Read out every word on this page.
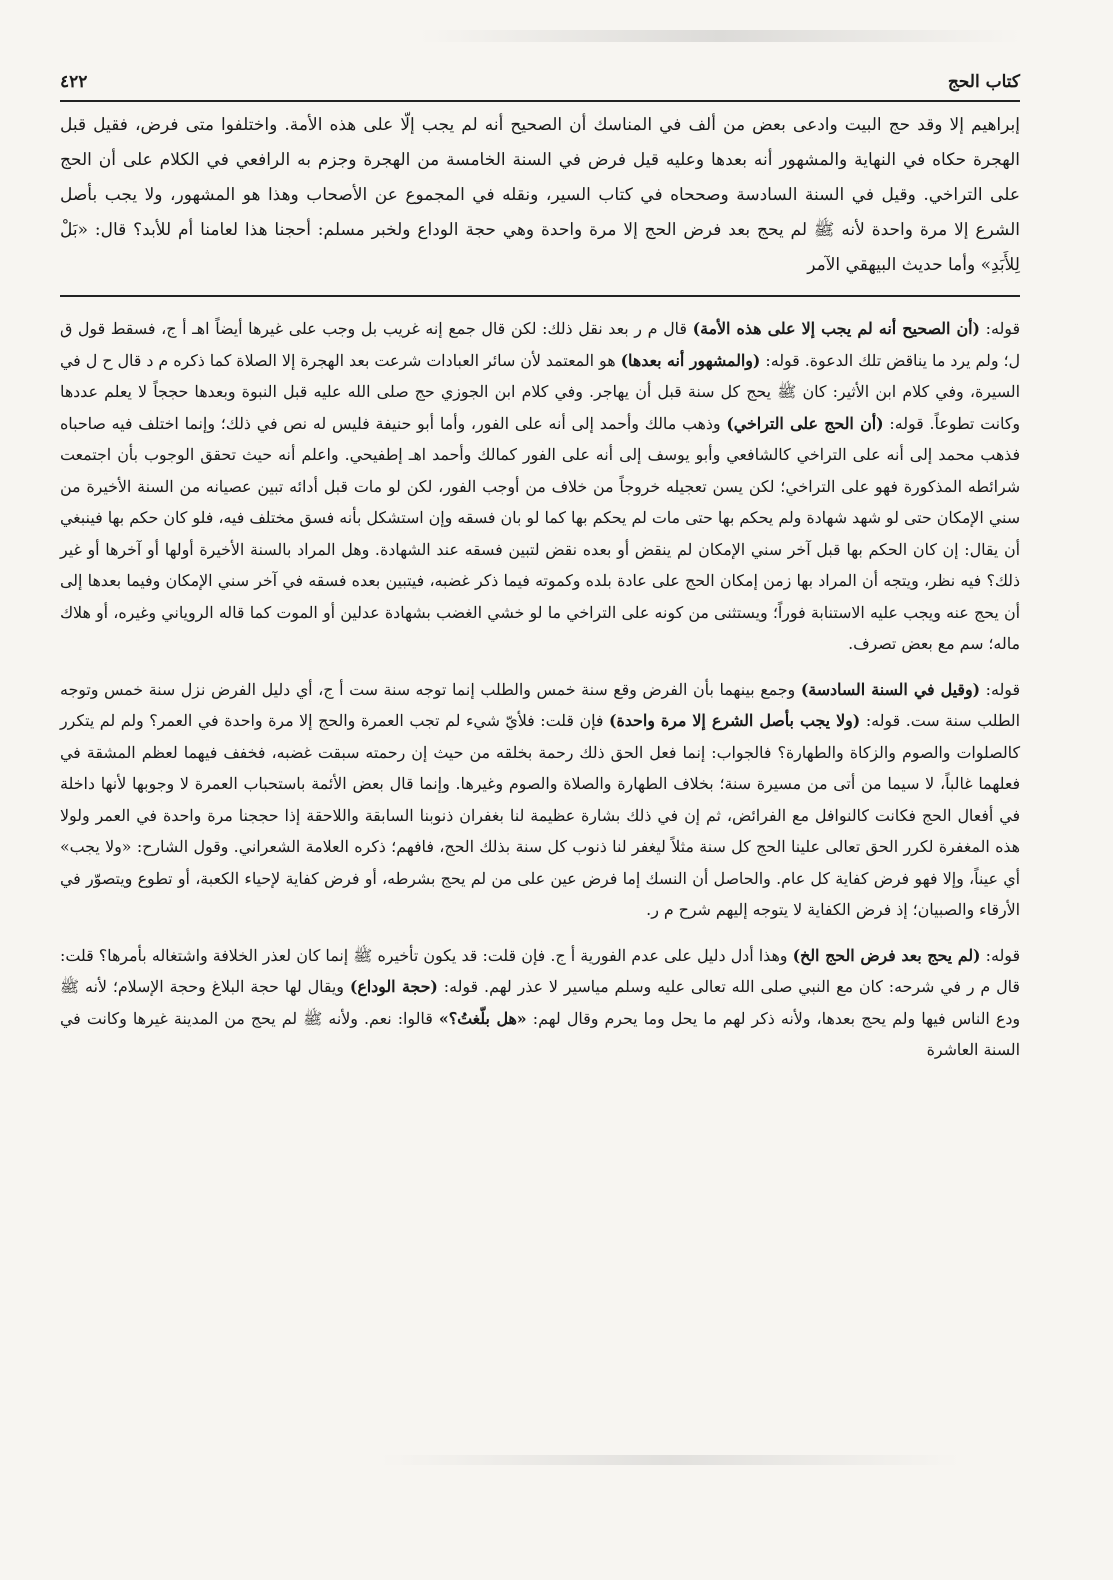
٤٢٢	كتاب الحج
إبراهيم إلا وقد حج البيت وادعى بعض من ألف في المناسك أن الصحيح أنه لم يجب إلّا على هذه الأمة. واختلفوا متى فرض، فقيل قبل الهجرة حكاه في النهاية والمشهور أنه بعدها وعليه قيل فرض في السنة الخامسة من الهجرة وجزم به الرافعي في الكلام على أن الحج على التراخي. وقيل في السنة السادسة وصححاه في كتاب السير، ونقله في المجموع عن الأصحاب وهذا هو المشهور، ولا يجب بأصل الشرع إلا مرة واحدة لأنه ﷺ لم يحج بعد فرض الحج إلا مرة واحدة وهي حجة الوداع ولخبر مسلم: أحجنا هذا لعامنا أم للأبد؟ قال: «بَلْ لِلأَبَدِ» وأما حديث البيهقي الآمر

قوله: (أن الصحيح أنه لم يجب إلا على هذه الأمة) قال م ر بعد نقل ذلك: لكن قال جمع إنه غريب بل وجب على غيرها أيضاً اهـ أ ج، فسقط قول ق ل؛ ولم يرد ما يناقض تلك الدعوة. قوله: (والمشهور أنه بعدها) هو المعتمد لأن سائر العبادات شرعت بعد الهجرة إلا الصلاة كما ذكره م د قال ح ل في السيرة، وفي كلام ابن الأثير: كان ﷺ يحج كل سنة قبل أن يهاجر. وفي كلام ابن الجوزي حج صلى الله عليه قبل النبوة وبعدها حججاً لا يعلم عددها وكانت تطوعاً. قوله: (أن الحج على التراخي) وذهب مالك وأحمد إلى أنه على الفور، وأما أبو حنيفة فليس له نص في ذلك؛ وإنما اختلف فيه صاحباه فذهب محمد إلى أنه على التراخي كالشافعي وأبو يوسف إلى أنه على الفور كمالك وأحمد اهـ إطفيحي. واعلم أنه حيث تحقق الوجوب بأن اجتمعت شرائطه المذكورة فهو على التراخي؛ لكن يسن تعجيله خروجاً من خلاف من أوجب الفور، لكن لو مات قبل أدائه تبين عصيانه من السنة الأخيرة من سني الإمكان حتى لو شهد شهادة ولم يحكم بها حتى مات لم يحكم بها كما لو بان فسقه وإن استشكل بأنه فسق مختلف فيه، فلو كان حكم بها فينبغي أن يقال: إن كان الحكم بها قبل آخر سني الإمكان لم ينقض أو بعده نقض لتبين فسقه عند الشهادة. وهل المراد بالسنة الأخيرة أولها أو آخرها أو غير ذلك؟ فيه نظر، ويتجه أن المراد بها زمن إمكان الحج على عادة بلده وكموته فيما ذكر غضبه، فيتبين بعده فسقه في آخر سني الإمكان وفيما بعدها إلى أن يحج عنه ويجب عليه الاستنابة فوراً؛ ويستثنى من كونه على التراخي ما لو خشي الغضب بشهادة عدلين أو الموت كما قاله الروياني وغيره، أو هلاك ماله؛ سم مع بعض تصرف.

قوله: (وقيل في السنة السادسة) وجمع بينهما بأن الفرض وقع سنة خمس والطلب إنما توجه سنة ست أ ج، أي دليل الفرض نزل سنة خمس وتوجه الطلب سنة ست. قوله: (ولا يجب بأصل الشرع إلا مرة واحدة) فإن قلت: فلأيّ شيء لم تجب العمرة والحج إلا مرة واحدة في العمر؟ ولم لم يتكرر كالصلوات والصوم والزكاة والطهارة؟ فالجواب: إنما فعل الحق ذلك رحمة بخلقه من حيث إن رحمته سبقت غضبه، فخفف فيهما لعظم المشقة في فعلهما غالباً، لا سيما من أتى من مسيرة سنة؛ بخلاف الطهارة والصلاة والصوم وغيرها. وإنما قال بعض الأئمة باستحباب العمرة لا وجوبها لأنها داخلة في أفعال الحج فكانت كالنوافل مع الفرائض، ثم إن في ذلك بشارة عظيمة لنا بغفران ذنوبنا السابقة واللاحقة إذا حججنا مرة واحدة في العمر ولولا هذه المغفرة لكرر الحق تعالى علينا الحج كل سنة مثلاً ليغفر لنا ذنوب كل سنة بذلك الحج، فافهم؛ ذكره العلامة الشعراني. وقول الشارح: «ولا يجب» أي عيناً، وإلا فهو فرض كفاية كل عام. والحاصل أن النسك إما فرض عين على من لم يحج بشرطه، أو فرض كفاية لإحياء الكعبة، أو تطوع ويتصوّر في الأرقاء والصبيان؛ إذ فرض الكفاية لا يتوجه إليهم شرح م ر.

قوله: (لم يحج بعد فرض الحج الخ) وهذا أدل دليل على عدم الفورية أ ج. فإن قلت: قد يكون تأخيره ﷺ إنما كان لعذر الخلافة واشتغاله بأمرها؟ قلت: قال م ر في شرحه: كان مع النبي صلى الله تعالى عليه وسلم مياسير لا عذر لهم. قوله: (حجة الوداع) ويقال لها حجة البلاغ وحجة الإسلام؛ لأنه ﷺ ودع الناس فيها ولم يحج بعدها، ولأنه ذكر لهم ما يحل وما يحرم وقال لهم: «هل بلّغتُ؟» قالوا: نعم. ولأنه ﷺ لم يحج من المدينة غيرها وكانت في السنة العاشرة
